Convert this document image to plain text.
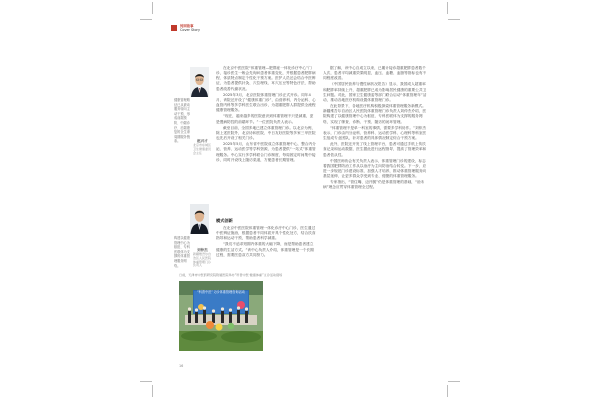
封面故事
Cover Story
健康管理路径已从被动服务转向主动干预，形成前端预防、中端诊疗、后端康复的全生命周期服务链条。	赵兴才
北京市东城区卫生健康委员会主任
构建以健康管理中心为枢纽、专科医联体为支撑的体重管理服务网络。
刘仲杰
新疆维吾尔自治区人民医院体重管理门诊负责人

在北京中医医院“体重管理—肥胖症一体化诊疗中心”门诊，接诊医生一般会先询问患者体重变化，并根据患者肥胖病程、体质特点制定个性化干预方案。医护人员还会结合中医辨证，为患者提供针灸、穴位埋线、耳穴压豆等特色疗法，帮助患者改善代谢状况。

2025年3月，北京医院体重管理门诊正式开诊。同年4月，该院还开设了“健康体重门诊”，由营养科、内分泌科、心血管内科等多学科医生联合出诊，为超重肥胖人群提供全流程健康管理服务。

“现在，越来越多的医院意识到体重管理不只是减重，更是慢病防控的前端环节。”一位医院负责人表示。

截至目前，全国多地已建立体重管理门诊。以北京为例，除上述医院外，北京协和医院、中日友好医院等多家三甲医院也先后开设了相关门诊。

2025年5月，山东省中医院成立体重管理中心，整合内分泌、营养、运动医学等学科资源，为患者提供“一站式”体重管理服务。中心实行多学科联合门诊制度，每周固定时间集中接诊，同时开设线上随访渠道，方便患者长期管理。

模式创新

在北京中医医院体重管理一体化诊疗中心门诊，医生通过中医辨证施治，根据患者不同体质开具个性化处方，结合饮食指导和运动干预，帮助患者科学减重。

“我们不追求短期内体重的大幅下降，而是帮助患者建立健康的生活方式。”该中心负责人介绍，体重管理是一个长期过程，需要医患双方共同努力。

日前，天津市中医药研究院附属医院举办“科普中医·健康体重”义诊活动现场
“科普中医”义诊体重管理咨询活动

据了解，该中心自成立以来，已累计接诊超重肥胖患者数千人次，患者平均减重效果明显，血压、血糖、血脂等指标也有不同程度改善。

《中国居民营养与慢性病状况报告》显示，我国成人超重率和肥胖率持续上升，超重肥胖已成为影响居民健康的重要公共卫生问题。对此，国家卫生健康委等部门联合启动“体重管理年”活动，推动各地医疗机构设置体重管理门诊。

在此背景下，各地医疗机构积极探索体重管理服务新模式。新疆维吾尔自治区人民医院体重管理门诊负责人刘仲杰介绍，医院构建了以健康管理中心为枢纽、专科医联体为支撑的服务网络，实现了筛查、诊断、干预、随访的闭环管理。

“体重管理不是单一科室的事情，需要多学科协作。”刘仲杰表示，门诊由内分泌科、营养科、运动医学科、心理科等科室医生组成专业团队，针对患者的具体情况制定综合干预方案。

此外，医院还开发了线上管理平台，患者可通过手机上传饮食记录和运动数据，医生据此进行远程指导，提高了管理效率和患者依从性。

中国医师协会有关负责人表示，体重管理门诊的建设，标志着我国肥胖防治工作从以治疗为主向防治结合转变。下一步，应进一步规范门诊建设标准，加强人才培养，推动体重管理服务向基层延伸，让更多群众享受到专业、便捷的体重管理服务。

专家指出，“管住嘴、迈开腿”仍是体重管理的基础，“治未病”理念应贯穿体重管理全过程。

16
